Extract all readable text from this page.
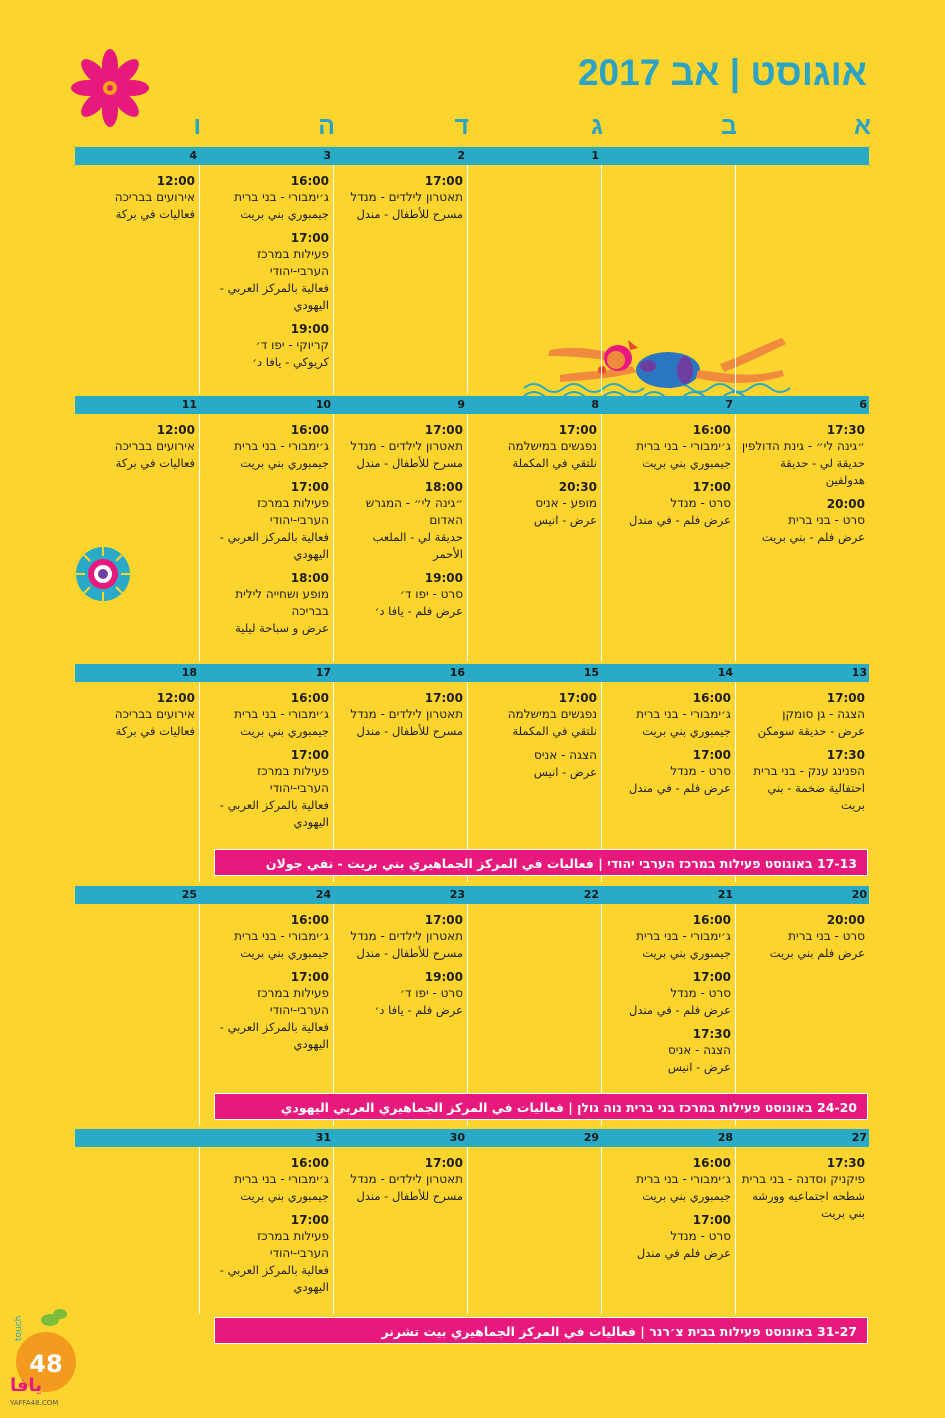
אוגוסט | אב 2017
touch
48
يافا
YAFFA48.COM
א
ב
ג
ד
ה
ו
1
2
17:00
תאטרון לילדים - מנדל
مسرح للأطفال - مندل
3
16:00
ג׳ימבורי - בני ברית
جيمبوري بني بريت
17:00
פעילות במרכז הערבי-יהודי
فعالية بالمركز العربي - اليهودي
19:00
קריוקי - יפו ד׳
كريوكي - يافا د׳
4
12:00
אירועים בבריכה
فعاليات في بركة
6
17:30
״גינה לי״ - גינת הדולפין
حديقة لي - حديقة هدولفين
20:00
סרט - בני ברית
عرض فلم - بني بريت
7
16:00
ג׳ימבורי - בני ברית
جيمبوري بني بريت
17:00
סרט - מנדל
عرض فلم - في مندل
8
17:00
נפגשים במישלמה
نلتقي في المكملة
20:30
מופע - אניס
عرض - انيس
9
17:00
תאטרון לילדים - מנדל
مسرح للأطفال - مندل
18:00
״גינה לי״ - המגרש האדום
حديقة لي - الملعب الأحمر
19:00
סרט - יפו ד׳
عرض فلم - يافا د׳
10
16:00
ג׳ימבורי - בני ברית
جيمبوري بني بريت
17:00
פעילות במרכז הערבי-יהודי
فعالية بالمركز العربي - اليهودي
18:00
מופע ושחייה לילית בבריכה
عرض و سباحة ليلية
11
12:00
אירועים בבריכה
فعاليات في بركة
13
17:00
הצגה - גן סומקן
عرض - حديقة سومكن
17:30
הפנינג ענק - בני ברית
احتفالية ضخمة - بني بريت
14
16:00
ג׳ימבורי - בני ברית
جيمبوري بني بريت
17:00
סרט - מנדל
عرض فلم - في مندل
15
17:00
נפגשים במישלמה
نلتقي في المكملة
הצגה - אניס
عرض - انيس
16
17:00
תאטרון לילדים - מנדל
مسرح للأطفال - مندل
17
16:00
ג׳ימבורי - בני ברית
جيمبوري بني بريت
17:00
פעילות במרכז הערבי-יהודי
فعالية بالمركز العربي - اليهودي
18
12:00
אירועים בבריכה
فعاليات في بركة
17-13 באוגוסט פעילות במרכז הערבי יהודי | فعاليات في المركز الجماهيري بني بريت - نفي جولان
20
20:00
סרט - בני ברית
عرض فلم بني بريت
21
16:00
ג׳ימבורי - בני ברית
جيمبوري بني بريت
17:00
סרט - מנדל
عرض فلم - في مندل
17:30
הצגה - אניס
عرض - انيس
22
23
17:00
תאטרון לילדים - מנדל
مسرح للأطفال - مندل
19:00
סרט - יפו ד׳
عرض فلم - يافا د׳
24
16:00
ג׳ימבורי - בני ברית
جيمبوري بني بريت
17:00
פעילות במרכז הערבי-יהודי
فعالية بالمركز العربي - اليهودي
25
24-20 באוגוסט פעילות במרכז בני ברית נוה גולן | فعاليات في المركز الجماهيري العربي اليهودي
27
17:30
פיקניק וסדנה - בני ברית
شطحه اجتماعيه وورشه بني بريت
28
16:00
ג׳ימבורי - בני ברית
جيمبوري بني بريت
17:00
סרט - מנדל
عرض فلم في مندل
29
30
17:00
תאטרון לילדים - מנדל
مسرح للأطفال - مندل
31
16:00
ג׳ימבורי - בני ברית
جيمبوري بني بريت
17:00
פעילות במרכז הערבי-יהודי
فعالية بالمركز العربي - اليهودي
31-27 באוגוסט פעילות בבית צ׳רנר | فعاليات في المركز الجماهيري بيت تشرنر
